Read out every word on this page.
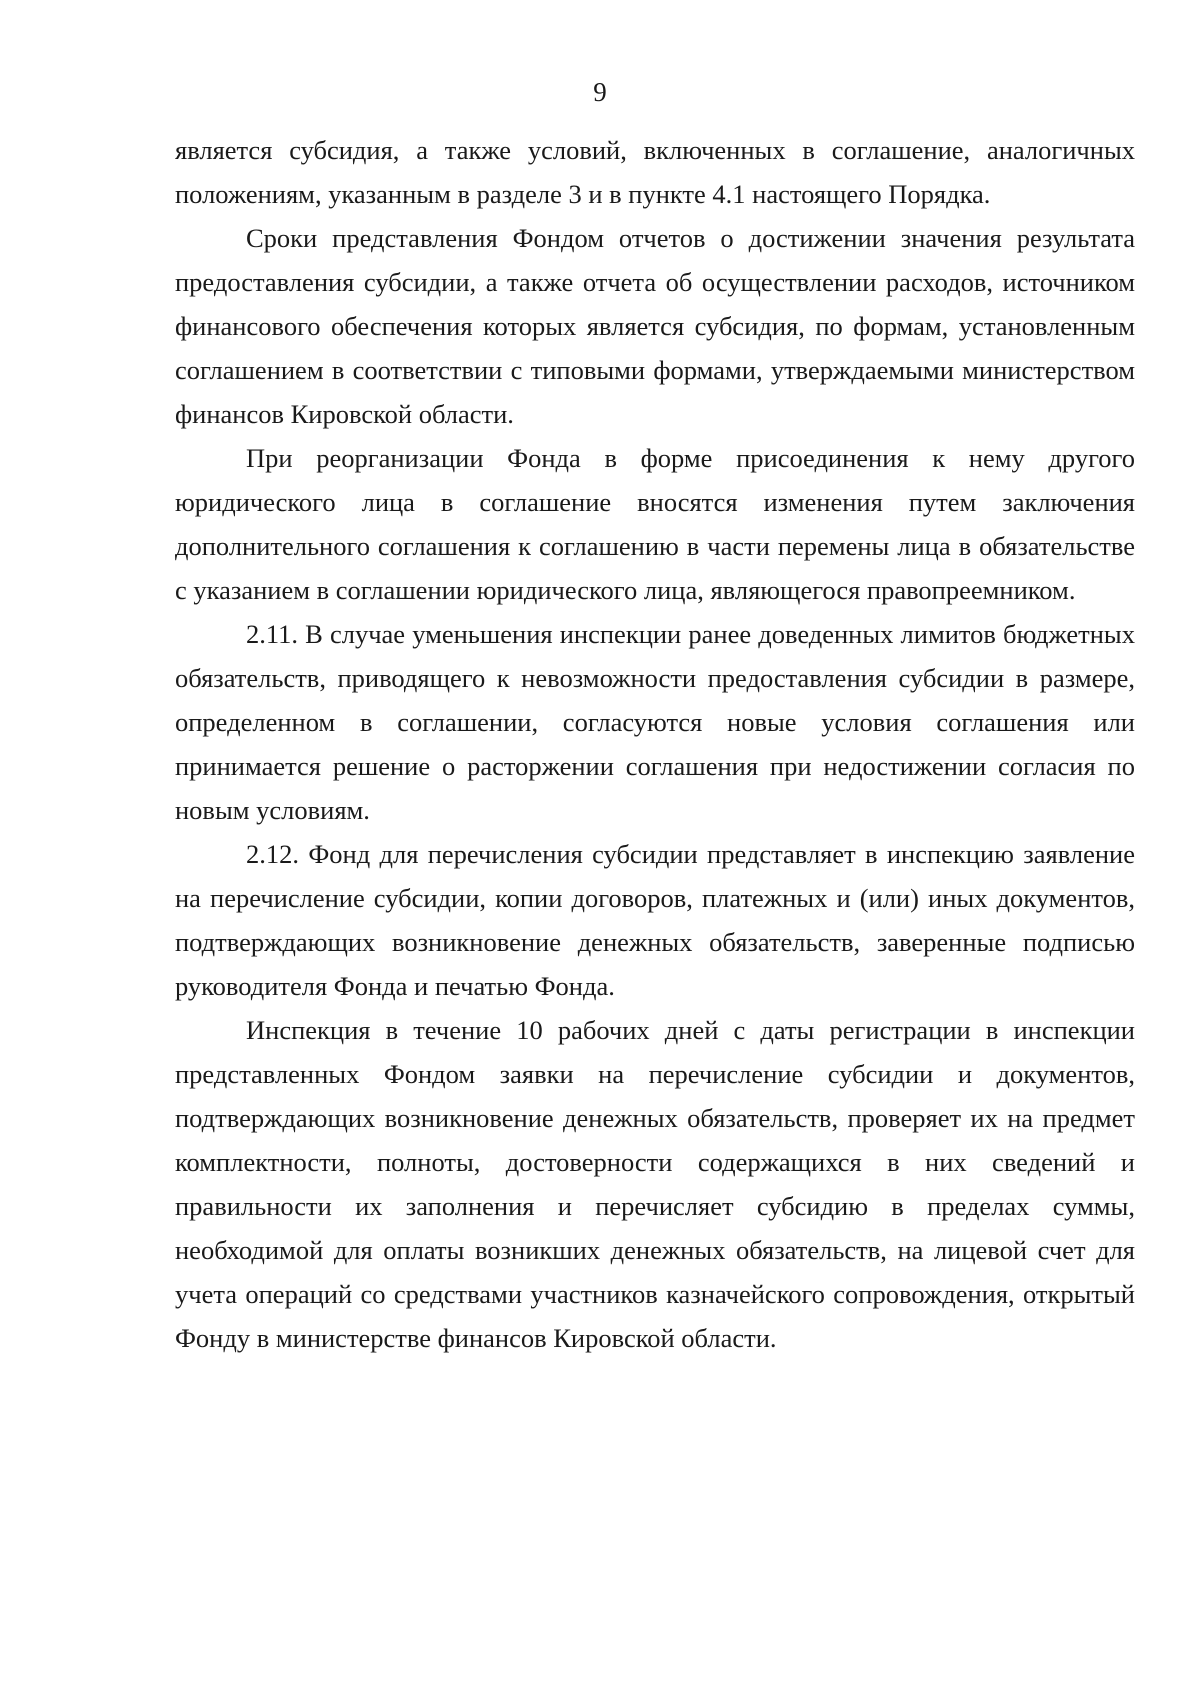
9

является субсидия, а также условий, включенных в соглашение, аналогичных положениям, указанным в разделе 3 и в пункте 4.1 настоящего Порядка.

Сроки представления Фондом отчетов о достижении значения результата предоставления субсидии, а также отчета об осуществлении расходов, источником финансового обеспечения которых является субсидия, по формам, установленным соглашением в соответствии с типовыми формами, утверждаемыми министерством финансов Кировской области.

При реорганизации Фонда в форме присоединения к нему другого юридического лица в соглашение вносятся изменения путем заключения дополнительного соглашения к соглашению в части перемены лица в обязательстве с указанием в соглашении юридического лица, являющегося правопреемником.

2.11. В случае уменьшения инспекции ранее доведенных лимитов бюджетных обязательств, приводящего к невозможности предоставления субсидии в размере, определенном в соглашении, согласуются новые условия соглашения или принимается решение о расторжении соглашения при недостижении согласия по новым условиям.

2.12. Фонд для перечисления субсидии представляет в инспекцию заявление на перечисление субсидии, копии договоров, платежных и (или) иных документов, подтверждающих возникновение денежных обязательств, заверенные подписью руководителя Фонда и печатью Фонда.

Инспекция в течение 10 рабочих дней с даты регистрации в инспекции представленных Фондом заявки на перечисление субсидии и документов, подтверждающих возникновение денежных обязательств, проверяет их на предмет комплектности, полноты, достоверности содержащихся в них сведений и правильности их заполнения и перечисляет субсидию в пределах суммы, необходимой для оплаты возникших денежных обязательств, на лицевой счет для учета операций со средствами участников казначейского сопровождения, открытый Фонду в министерстве финансов Кировской области.
